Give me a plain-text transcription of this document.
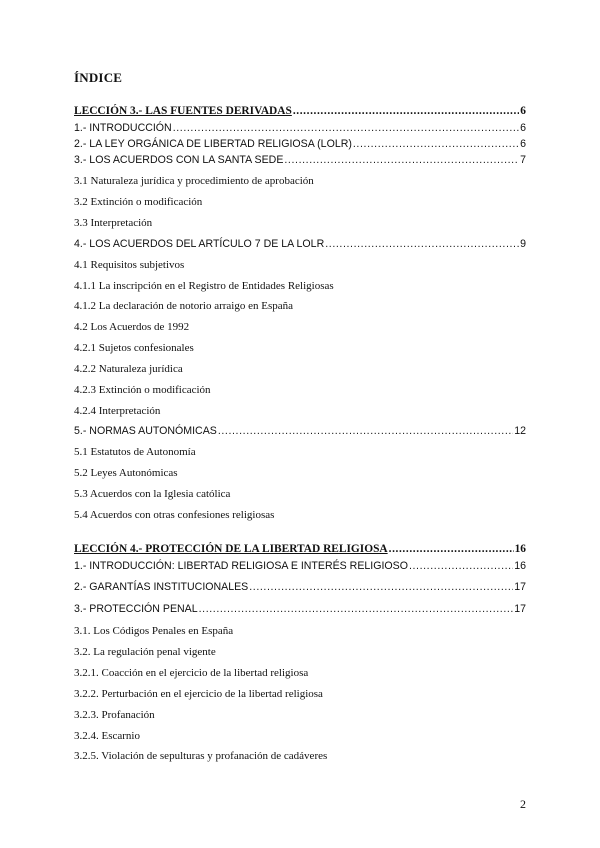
ÍNDICE
LECCIÓN 3.- LAS FUENTES DERIVADAS .....	6
1.- INTRODUCCIÓN .....	6
2.- LA LEY ORGÁNICA DE LIBERTAD RELIGIOSA (LOLR) .....	6
3.- LOS ACUERDOS CON LA SANTA SEDE .....	7
3.1 Naturaleza jurídica y procedimiento de aprobación
3.2 Extinción o modificación
3.3 Interpretación
4.- LOS ACUERDOS DEL ARTÍCULO 7 DE LA LOLR .....	9
4.1 Requisitos subjetivos
4.1.1 La inscripción en el Registro de Entidades Religiosas
4.1.2 La declaración de notorio arraigo en España
4.2 Los Acuerdos de 1992
4.2.1 Sujetos confesionales
4.2.2 Naturaleza jurídica
4.2.3 Extinción o modificación
4.2.4 Interpretación
5.- NORMAS AUTONÓMICAS .....	12
5.1 Estatutos de Autonomía
5.2 Leyes Autonómicas
5.3 Acuerdos con la Iglesia católica
5.4 Acuerdos con otras confesiones religiosas
LECCIÓN 4.- PROTECCIÓN DE LA LIBERTAD RELIGIOSA .....	16
1.- INTRODUCCIÓN: LIBERTAD RELIGIOSA E INTERÉS RELIGIOSO .....	16
2.- GARANTÍAS INSTITUCIONALES .....	17
3.- PROTECCIÓN PENAL .....	17
3.1. Los Códigos Penales en España
3.2. La regulación penal vigente
3.2.1. Coacción en el ejercicio de la libertad religiosa
3.2.2. Perturbación en el ejercicio de la libertad religiosa
3.2.3. Profanación
3.2.4. Escarnio
3.2.5. Violación de sepulturas y profanación de cadáveres
2
